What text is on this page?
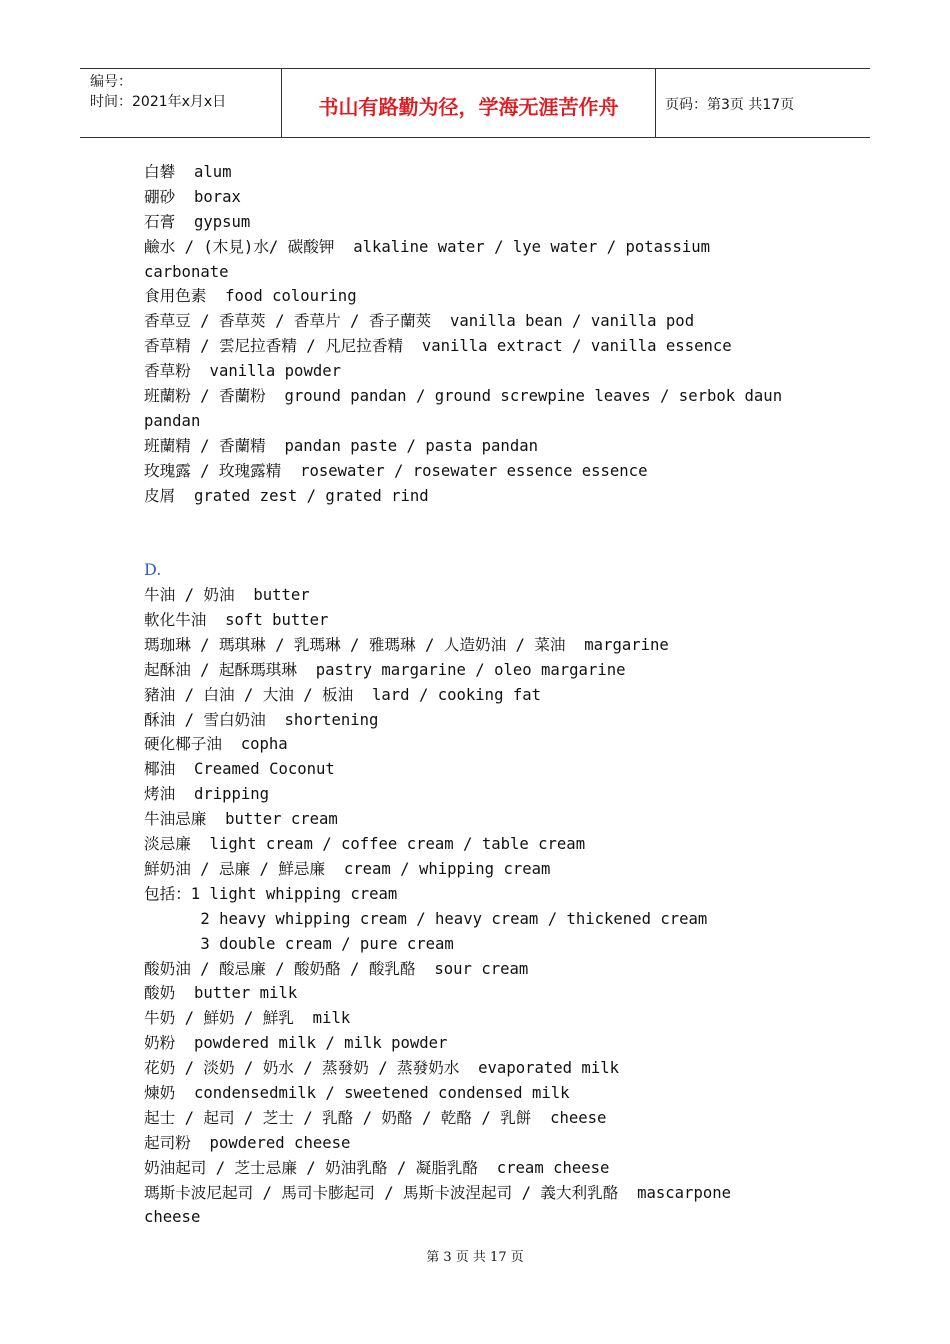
编号：
时间：2021年x月x日	书山有路勤为径，学海无涯苦作舟	页码：第3页 共17页
白礬  alum
硼砂  borax
石膏  gypsum
鹼水 / (木見)水/ 碳酸钾  alkaline water / lye water / potassium
carbonate
食用色素  food colouring
香草豆 / 香草莢 / 香草片 / 香子蘭莢  vanilla bean / vanilla pod
香草精 / 雲尼拉香精 / 凡尼拉香精  vanilla extract / vanilla essence
香草粉  vanilla powder
班蘭粉 / 香蘭粉  ground pandan / ground screwpine leaves / serbok daun
pandan
班蘭精 / 香蘭精  pandan paste / pasta pandan
玫瑰露 / 玫瑰露精  rosewater / rosewater essence essence
皮屑  grated zest / grated rind
D.
牛油 / 奶油  butter
軟化牛油  soft butter
瑪珈琳 / 瑪琪琳 / 乳瑪琳 / 雅瑪琳 / 人造奶油 / 菜油  margarine
起酥油 / 起酥瑪琪琳  pastry margarine / oleo margarine
豬油 / 白油 / 大油 / 板油  lard / cooking fat
酥油 / 雪白奶油  shortening
硬化椰子油  copha
椰油  Creamed Coconut
烤油  dripping
牛油忌廉  butter cream
淡忌廉  light cream / coffee cream / table cream
鮮奶油 / 忌廉 / 鮮忌廉  cream / whipping cream
包括：1 light whipping cream
2 heavy whipping cream / heavy cream / thickened cream
3 double cream / pure cream
酸奶油 / 酸忌廉 / 酸奶酪 / 酸乳酪  sour cream
酸奶  butter milk
牛奶 / 鮮奶 / 鮮乳  milk
奶粉  powdered milk / milk powder
花奶 / 淡奶 / 奶水 / 蒸發奶 / 蒸發奶水  evaporated milk
煉奶  condensedmilk / sweetened condensed milk
起士 / 起司 / 芝士 / 乳酪 / 奶酪 / 乾酪 / 乳餅  cheese
起司粉  powdered cheese
奶油起司 / 芝士忌廉 / 奶油乳酪 / 凝脂乳酪  cream cheese
瑪斯卡波尼起司 / 馬司卡膨起司 / 馬斯卡波涅起司 / 義大利乳酪  mascarpone
cheese
第 3 页 共 17 页
